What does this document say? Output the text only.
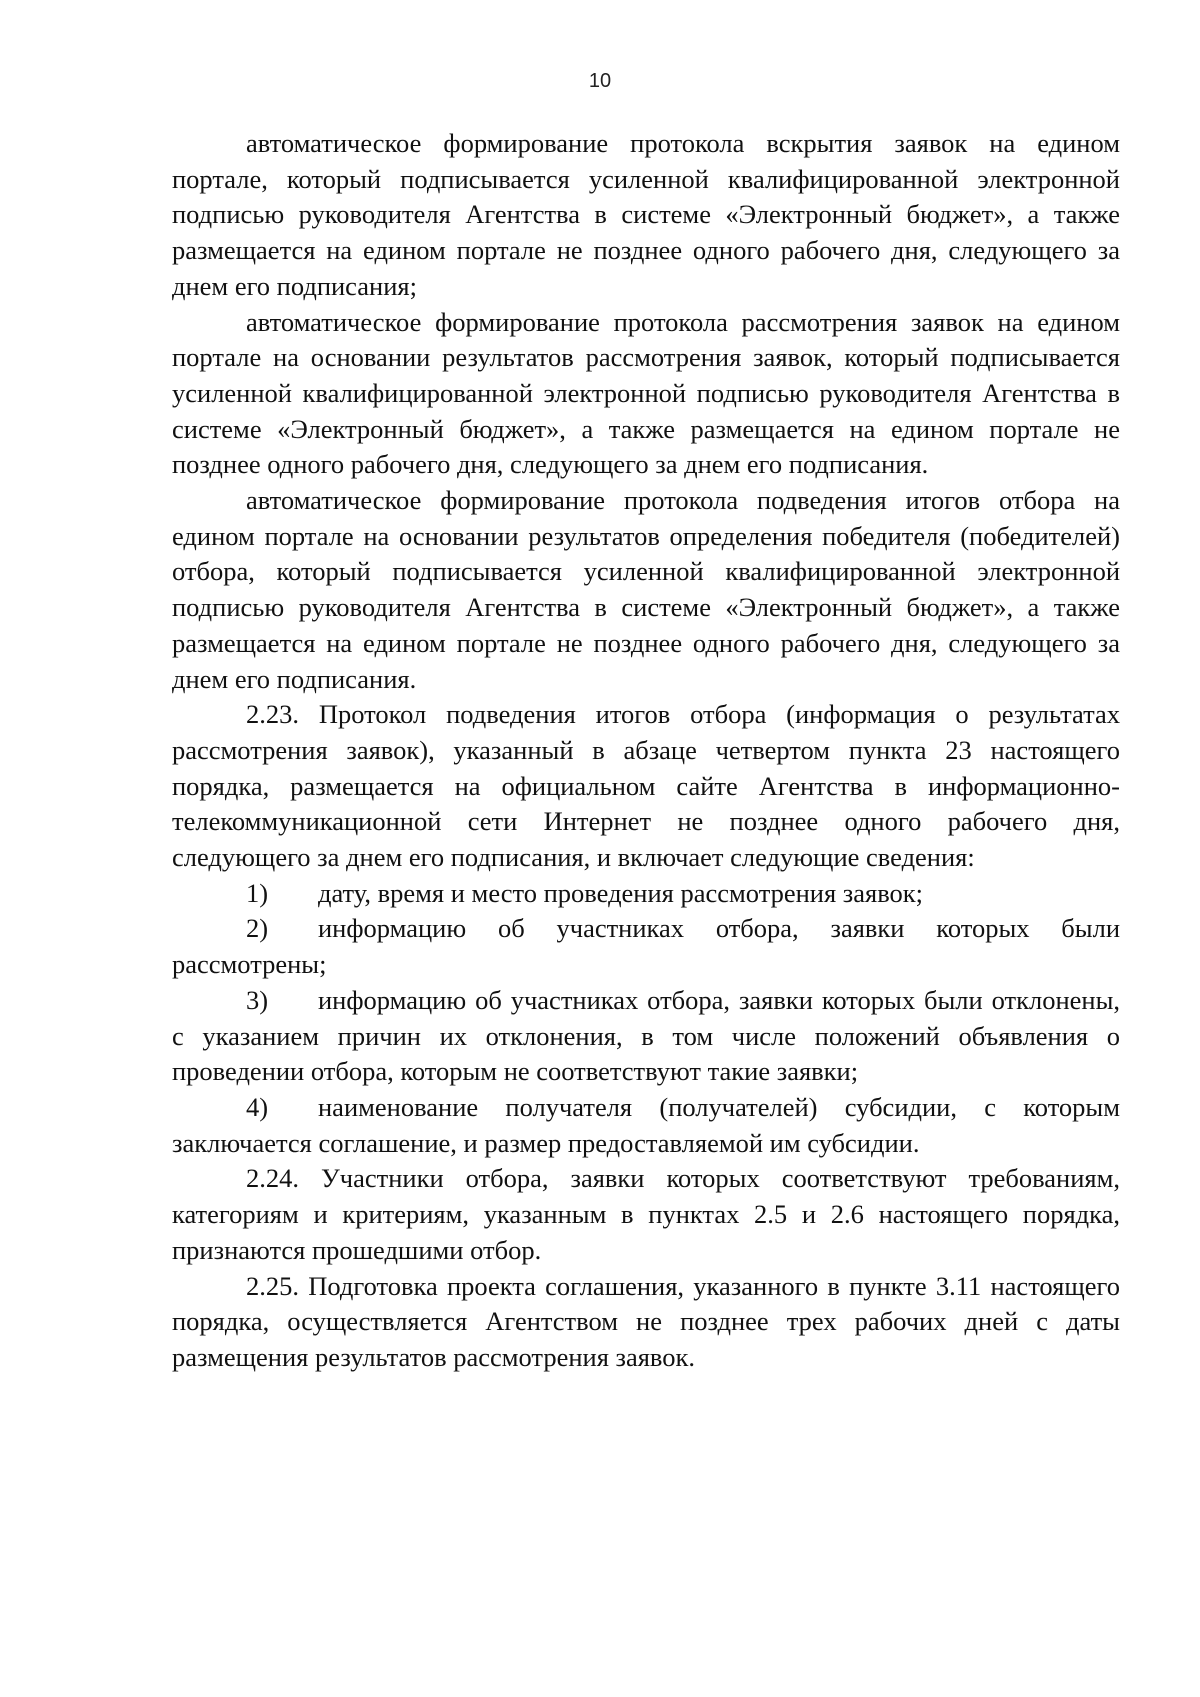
10

автоматическое формирование протокола вскрытия заявок на едином портале, который подписывается усиленной квалифицированной электронной подписью руководителя Агентства в системе «Электронный бюджет», а также размещается на едином портале не позднее одного рабочего дня, следующего за днем его подписания;

автоматическое формирование протокола рассмотрения заявок на едином портале на основании результатов рассмотрения заявок, который подписывается усиленной квалифицированной электронной подписью руководителя Агентства в системе «Электронный бюджет», а также размещается на едином портале не позднее одного рабочего дня, следующего за днем его подписания.

автоматическое формирование протокола подведения итогов отбора на едином портале на основании результатов определения победителя (победителей) отбора, который подписывается усиленной квалифицированной электронной подписью руководителя Агентства в системе «Электронный бюджет», а также размещается на едином портале не позднее одного рабочего дня, следующего за днем его подписания.

2.23. Протокол подведения итогов отбора (информация о результатах рассмотрения заявок), указанный в абзаце четвертом пункта 23 настоящего порядка, размещается на официальном сайте Агентства в информационно-телекоммуникационной сети Интернет не позднее одного рабочего дня, следующего за днем его подписания, и включает следующие сведения:

1) дату, время и место проведения рассмотрения заявок;

2) информацию об участниках отбора, заявки которых были рассмотрены;

3) информацию об участниках отбора, заявки которых были отклонены, с указанием причин их отклонения, в том числе положений объявления о проведении отбора, которым не соответствуют такие заявки;

4) наименование получателя (получателей) субсидии, с которым заключается соглашение, и размер предоставляемой им субсидии.

2.24. Участники отбора, заявки которых соответствуют требованиям, категориям и критериям, указанным в пунктах 2.5 и 2.6 настоящего порядка, признаются прошедшими отбор.

2.25. Подготовка проекта соглашения, указанного в пункте 3.11 настоящего порядка, осуществляется Агентством не позднее трех рабочих дней с даты размещения результатов рассмотрения заявок.
